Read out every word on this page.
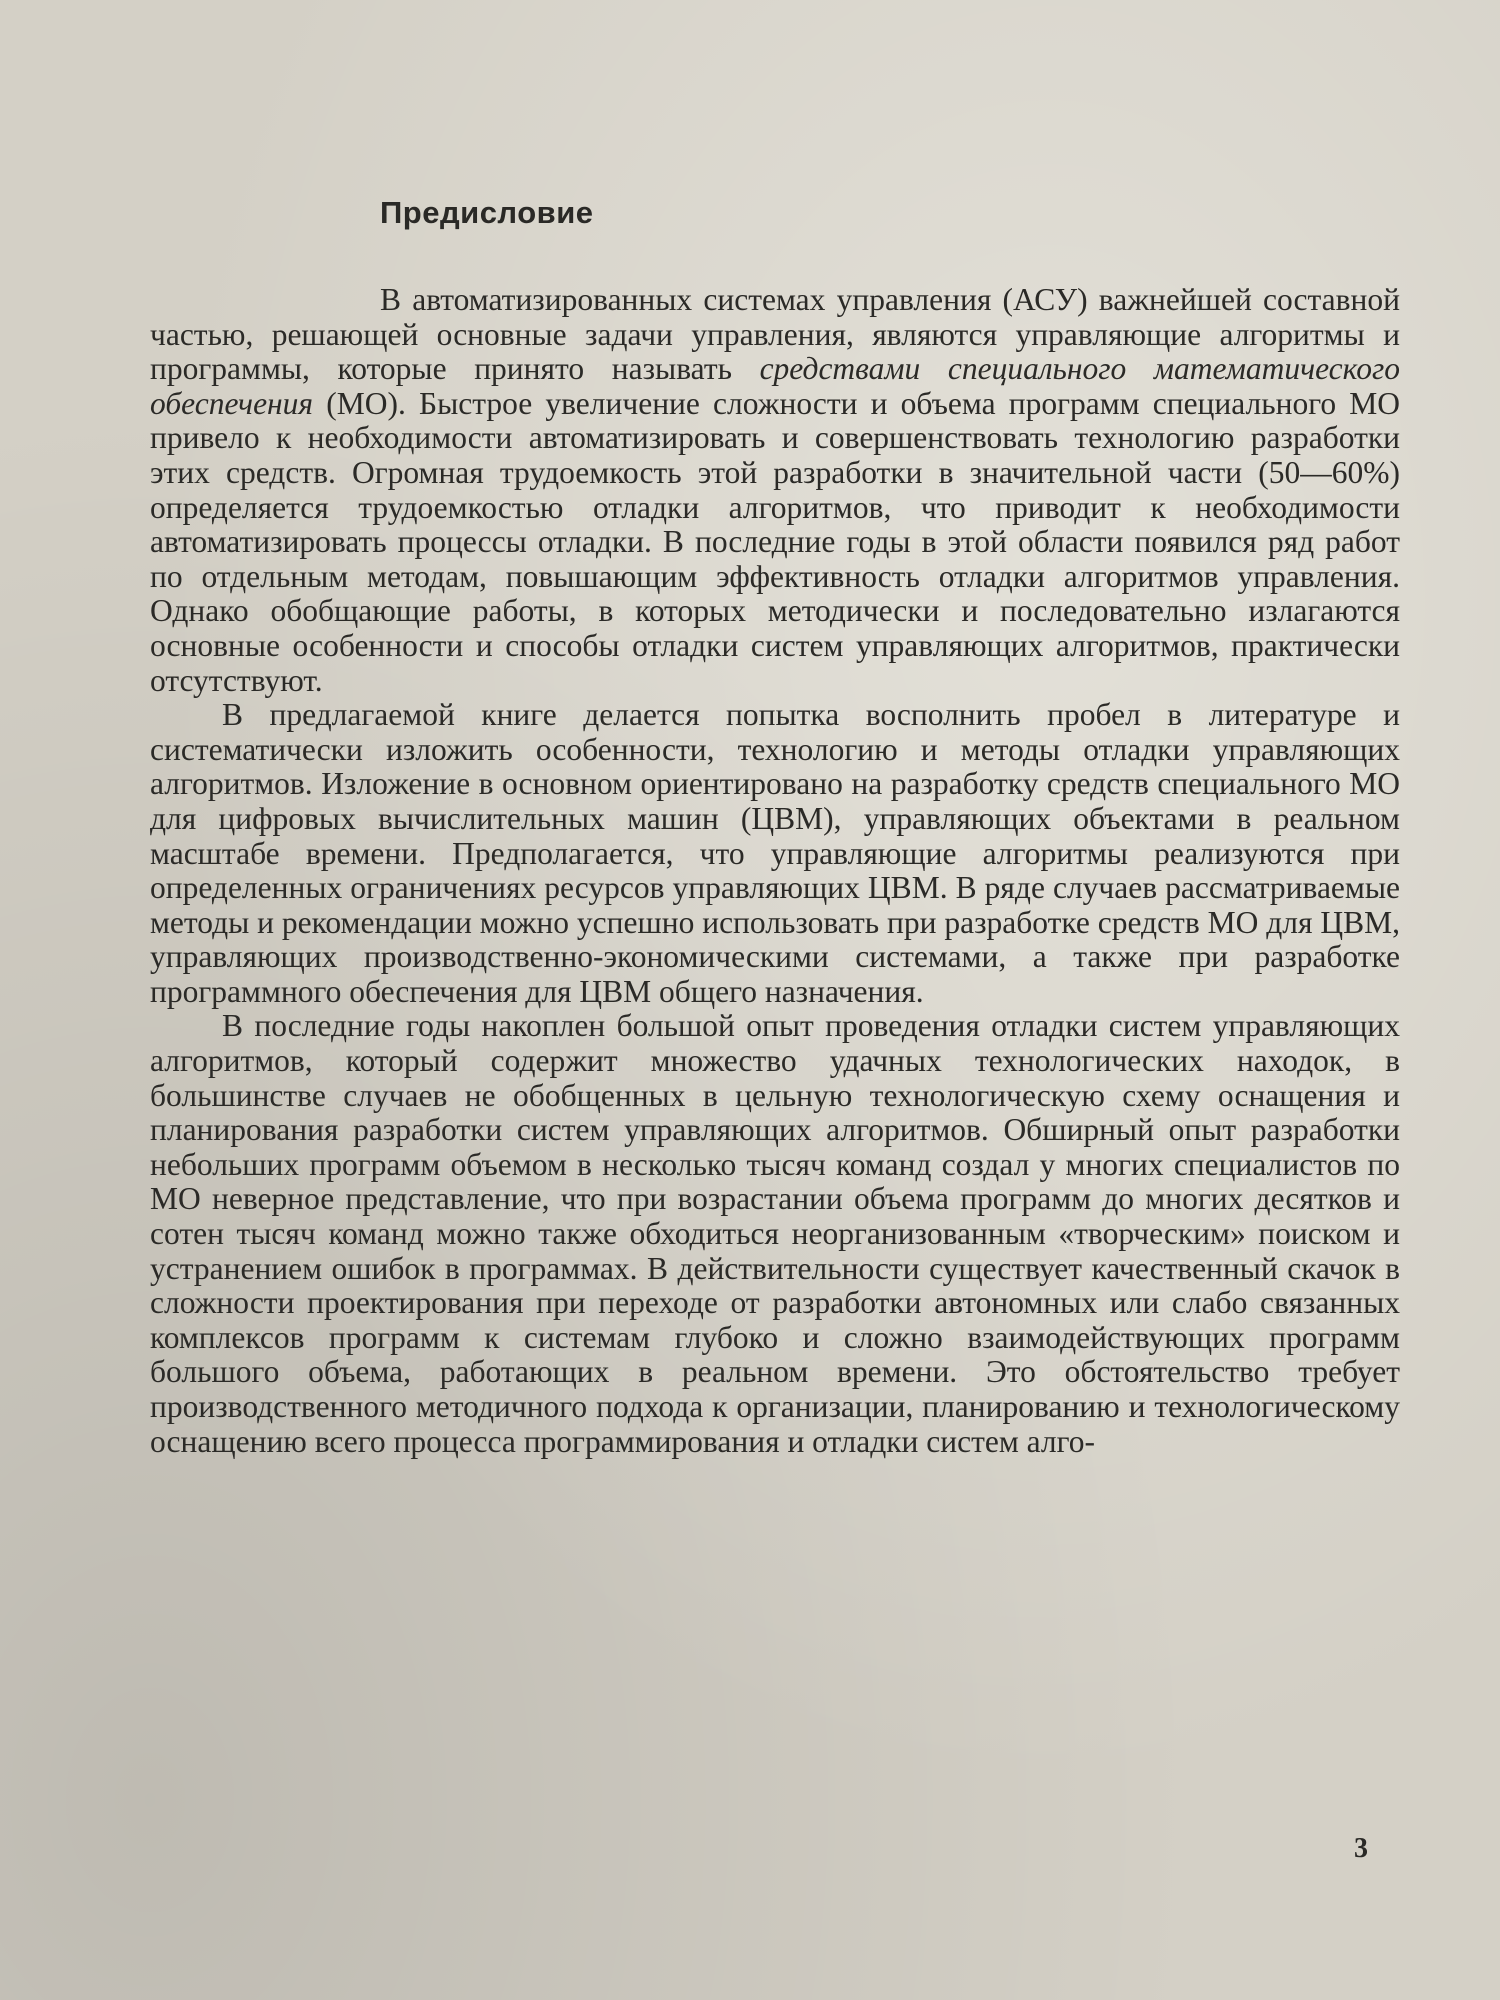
Предисловие

В автоматизированных системах управления (АСУ) важнейшей составной частью, решающей основные задачи управления, являются управляющие алгоритмы и программы, которые принято называть средствами специального математического обеспечения (МО). Быстрое увеличение сложности и объема программ специального МО привело к необходимости автоматизировать и совершенствовать технологию разработки этих средств. Огромная трудоемкость этой разработки в значительной части (50—60%) определяется трудоемкостью отладки алгоритмов, что приводит к необходимости автоматизировать процессы отладки. В последние годы в этой области появился ряд работ по отдельным методам, повышающим эффективность отладки алгоритмов управления. Однако обобщающие работы, в которых методически и последовательно излагаются основные особенности и способы отладки систем управляющих алгоритмов, практически отсутствуют.

В предлагаемой книге делается попытка восполнить пробел в литературе и систематически изложить особенности, технологию и методы отладки управляющих алгоритмов. Изложение в основном ориентировано на разработку средств специального МО для цифровых вычислительных машин (ЦВМ), управляющих объектами в реальном масштабе времени. Предполагается, что управляющие алгоритмы реализуются при определенных ограничениях ресурсов управляющих ЦВМ. В ряде случаев рассматриваемые методы и рекомендации можно успешно использовать при разработке средств МО для ЦВМ, управляющих производственно-экономическими системами, а также при разработке программного обеспечения для ЦВМ общего назначения.

В последние годы накоплен большой опыт проведения отладки систем управляющих алгоритмов, который содержит множество удачных технологических находок, в большинстве случаев не обобщенных в цельную технологическую схему оснащения и планирования разработки систем управляющих алгоритмов. Обширный опыт разработки небольших программ объемом в несколько тысяч команд создал у многих специалистов по МО неверное представление, что при возрастании объема программ до многих десятков и сотен тысяч команд можно также обходиться неорганизованным «творческим» поиском и устранением ошибок в программах. В действительности существует качественный скачок в сложности проектирования при переходе от разработки автономных или слабо связанных комплексов программ к системам глубоко и сложно взаимодействующих программ большого объема, работающих в реальном времени. Это обстоятельство требует производственного методичного подхода к организации, планированию и технологическому оснащению всего процесса программирования и отладки систем алго-

3
